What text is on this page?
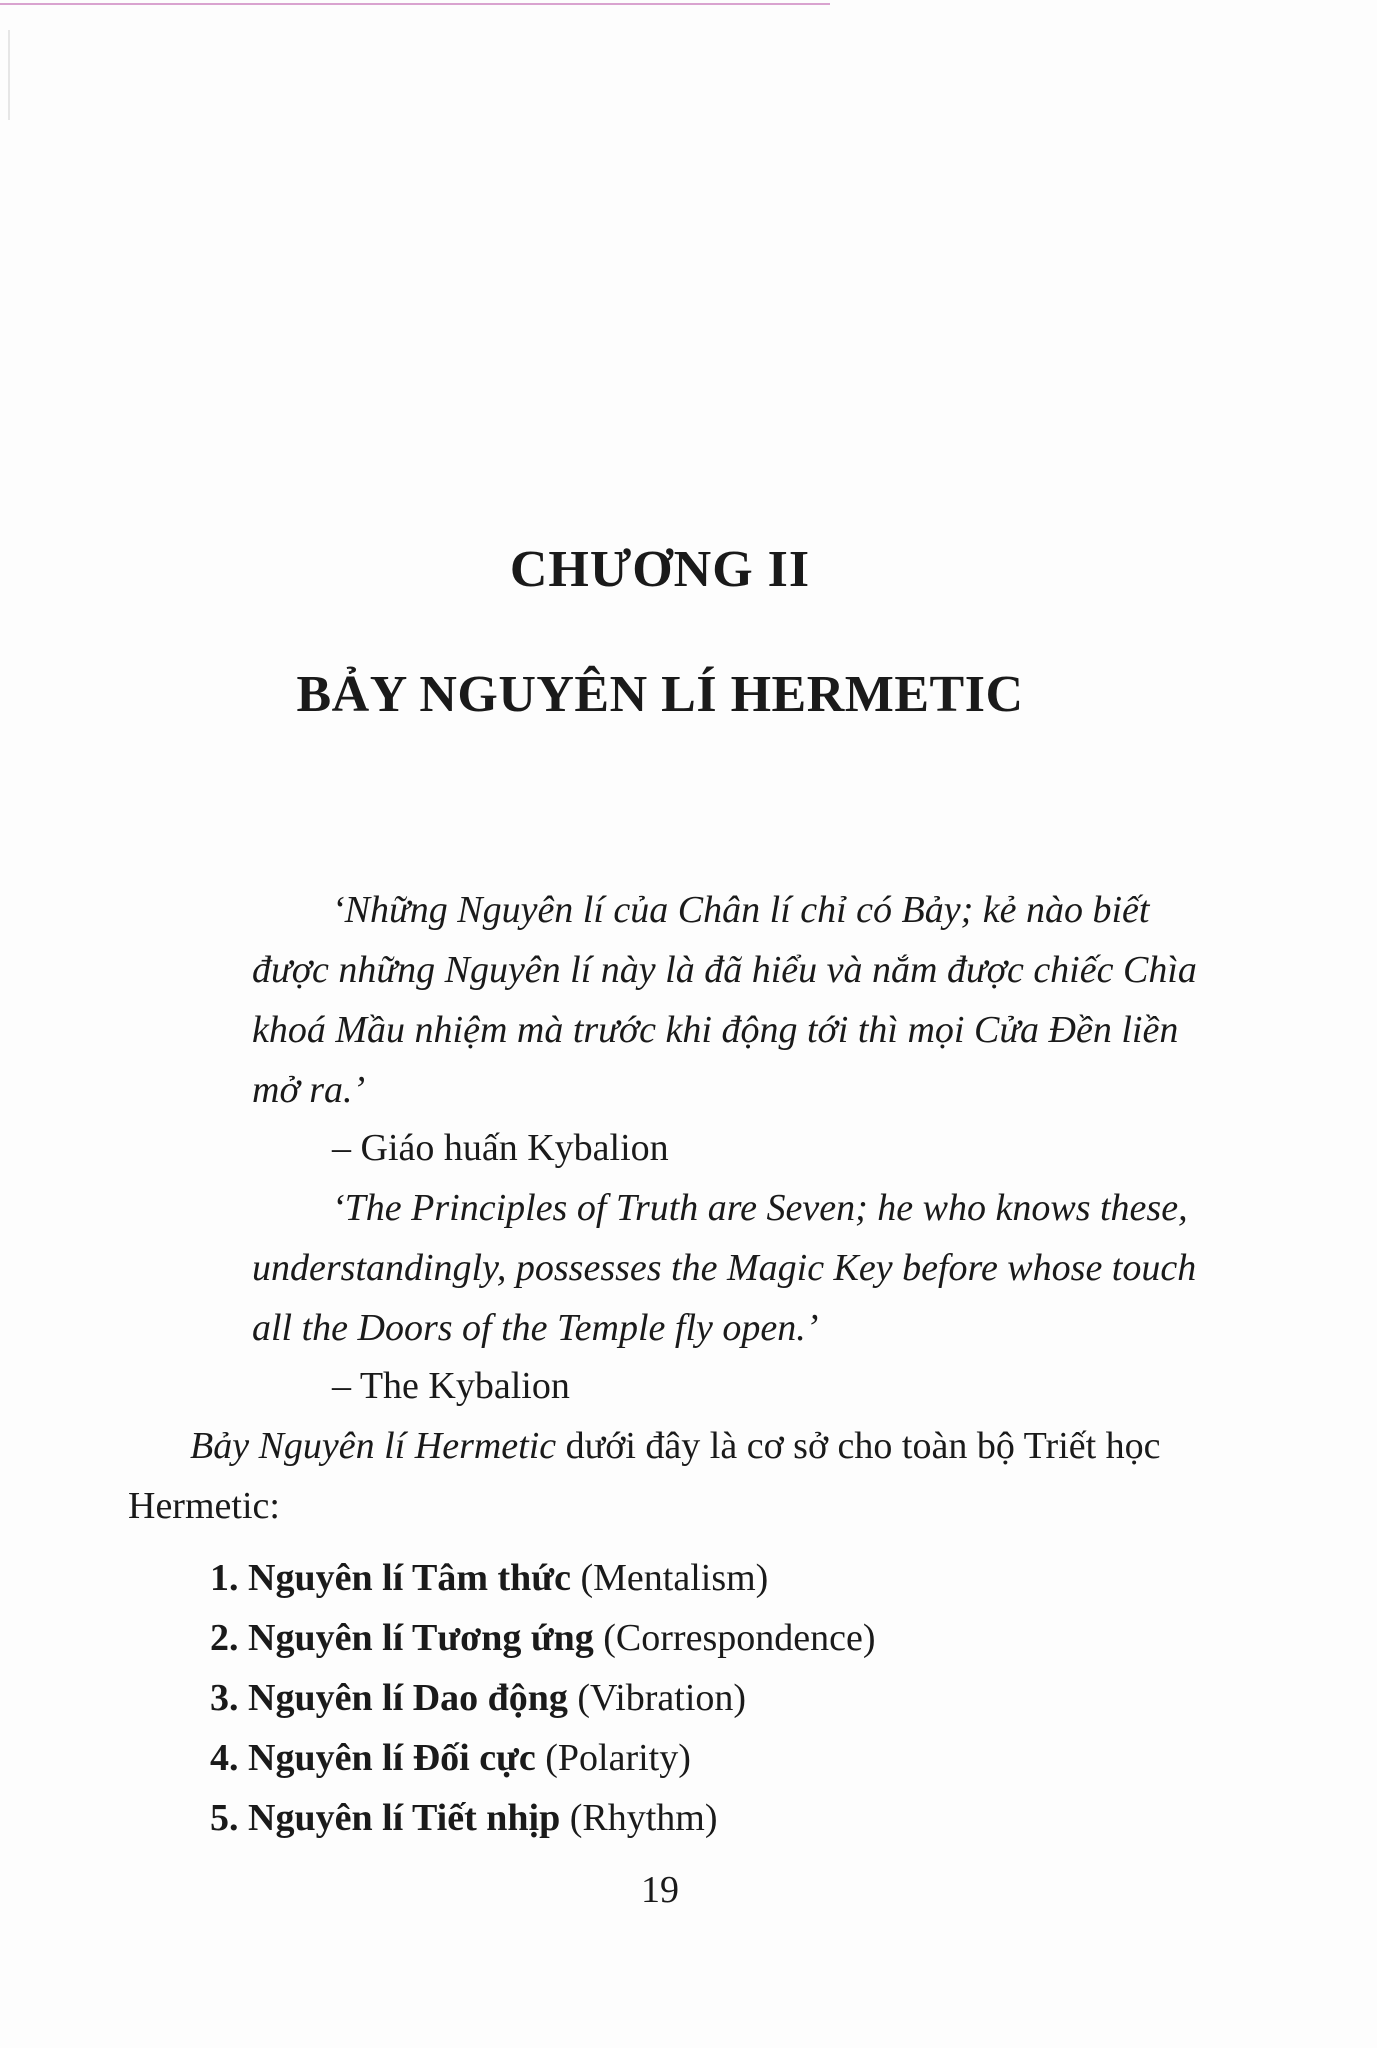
CHƯƠNG II
BẢY NGUYÊN LÍ HERMETIC
‘Những Nguyên lí của Chân lí chỉ có Bảy; kẻ nào biết được những Nguyên lí này là đã hiểu và nắm được chiếc Chìa khoá Mầu nhiệm mà trước khi động tới thì mọi Cửa Đền liền mở ra.’
– Giáo huấn Kybalion
‘The Principles of Truth are Seven; he who knows these, understandingly, possesses the Magic Key before whose touch all the Doors of the Temple fly open.’
– The Kybalion
Bảy Nguyên lí Hermetic dưới đây là cơ sở cho toàn bộ Triết học Hermetic:
1. Nguyên lí Tâm thức (Mentalism)
2. Nguyên lí Tương ứng (Correspondence)
3. Nguyên lí Dao động (Vibration)
4. Nguyên lí Đối cực (Polarity)
5. Nguyên lí Tiết nhịp (Rhythm)
19
